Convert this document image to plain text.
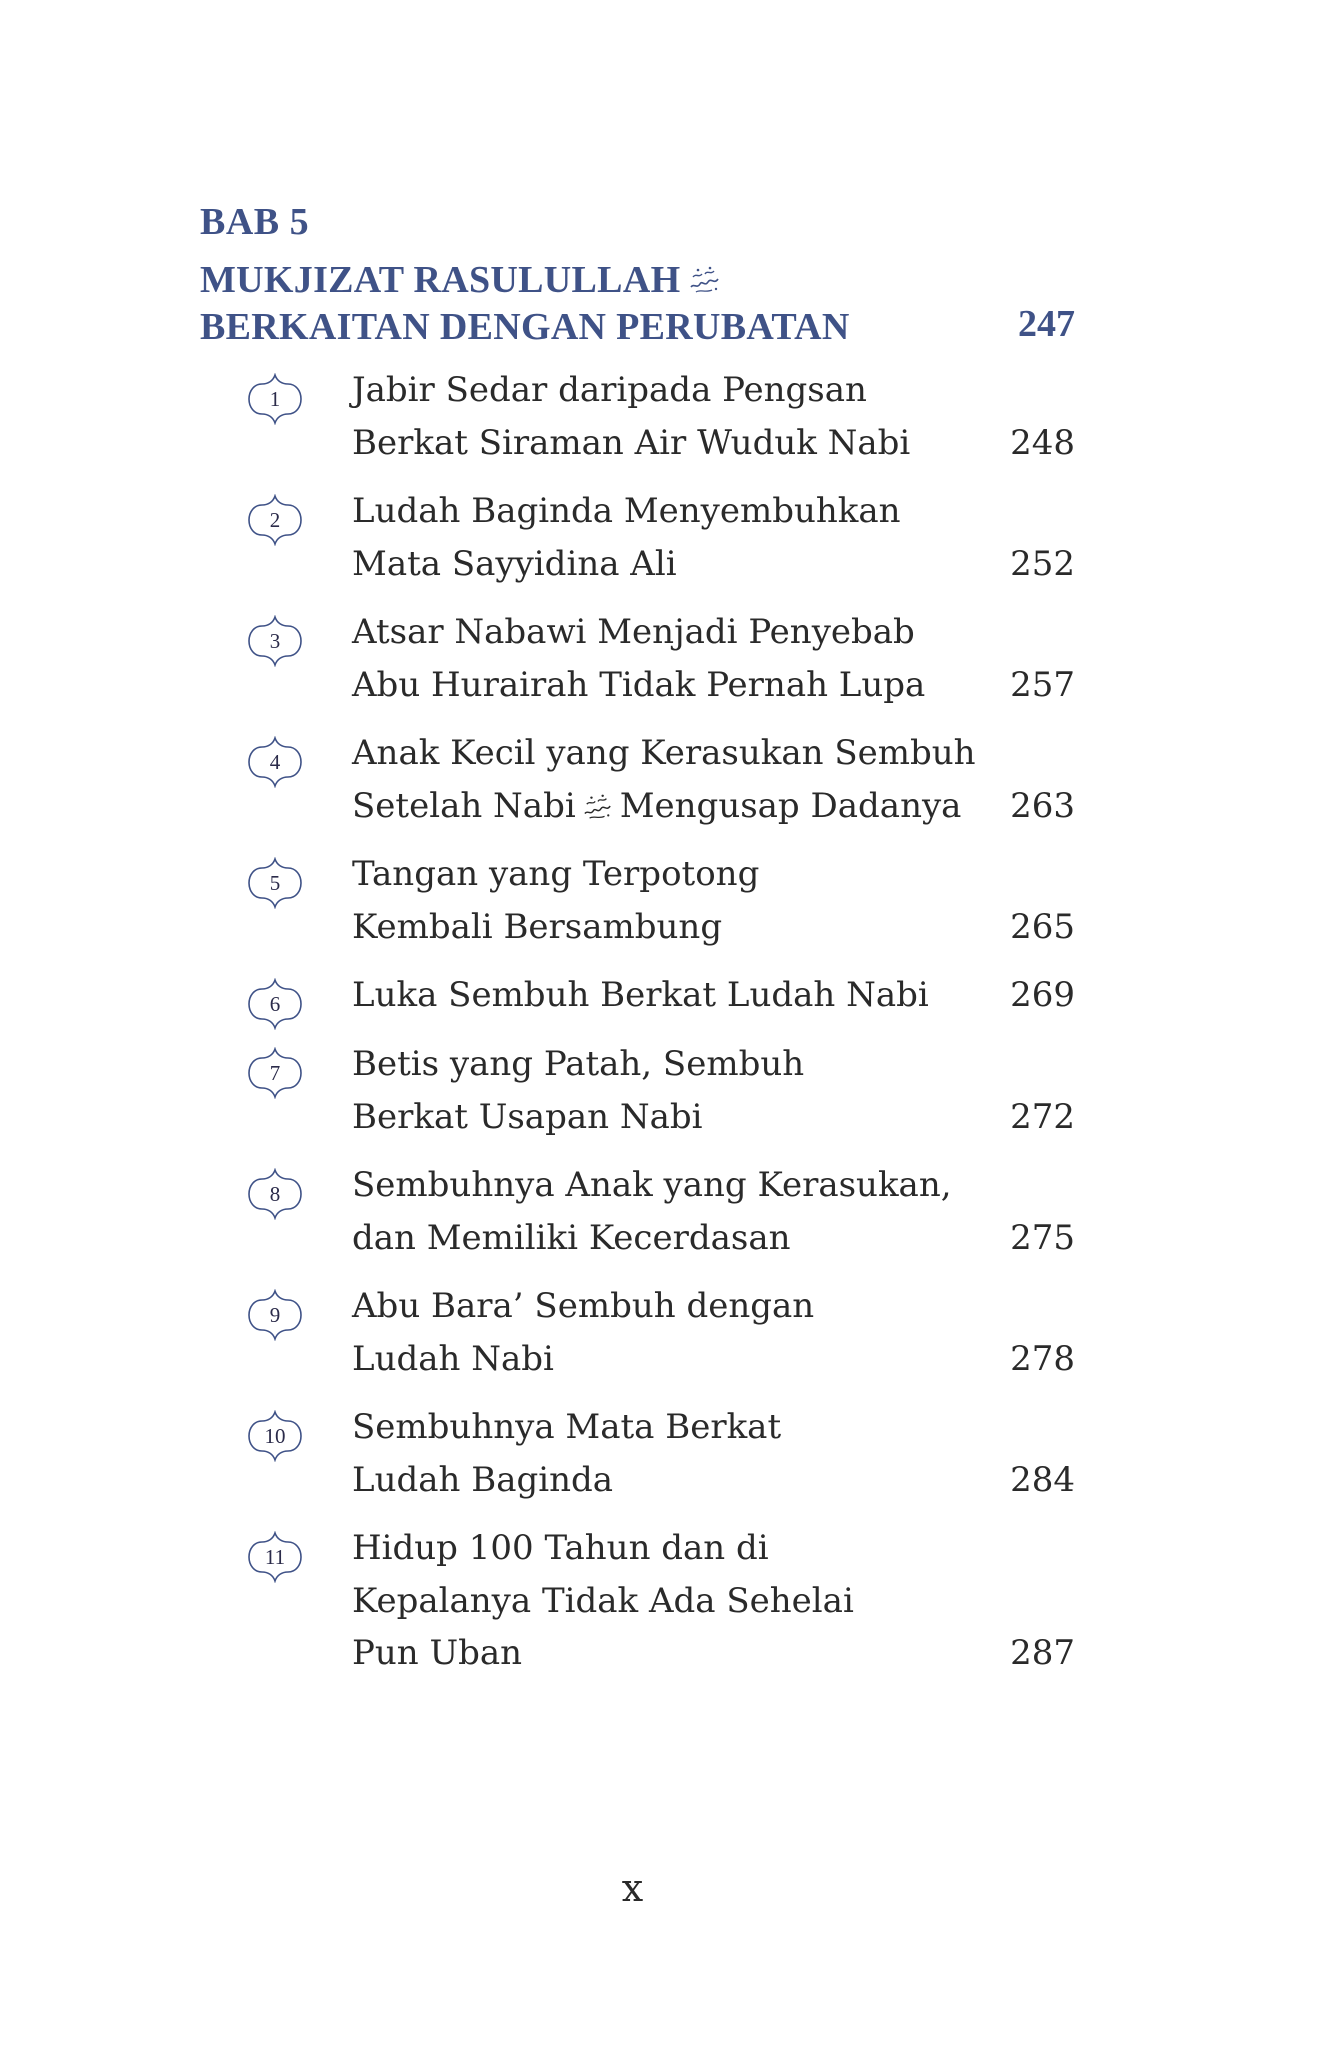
BAB 5
MUKJIZAT RASULULLAH
BERKAITAN DENGAN PERUBATAN	247
1	Jabir Sedar daripada Pengsan
Berkat Siraman Air Wuduk Nabi	248
2	Ludah Baginda Menyembuhkan
Mata Sayyidina Ali	252
3	Atsar Nabawi Menjadi Penyebab
Abu Hurairah Tidak Pernah Lupa	257
4	Anak Kecil yang Kerasukan Sembuh
Setelah Nabi Mengusap Dadanya	263
5	Tangan yang Terpotong
Kembali Bersambung	265
6	Luka Sembuh Berkat Ludah Nabi	269
7	Betis yang Patah, Sembuh
Berkat Usapan Nabi	272
8	Sembuhnya Anak yang Kerasukan,
dan Memiliki Kecerdasan	275
9	Abu Bara’ Sembuh dengan
Ludah Nabi	278
10	Sembuhnya Mata Berkat
Ludah Baginda	284
11	Hidup 100 Tahun dan di
Kepalanya Tidak Ada Sehelai
Pun Uban	287
x
